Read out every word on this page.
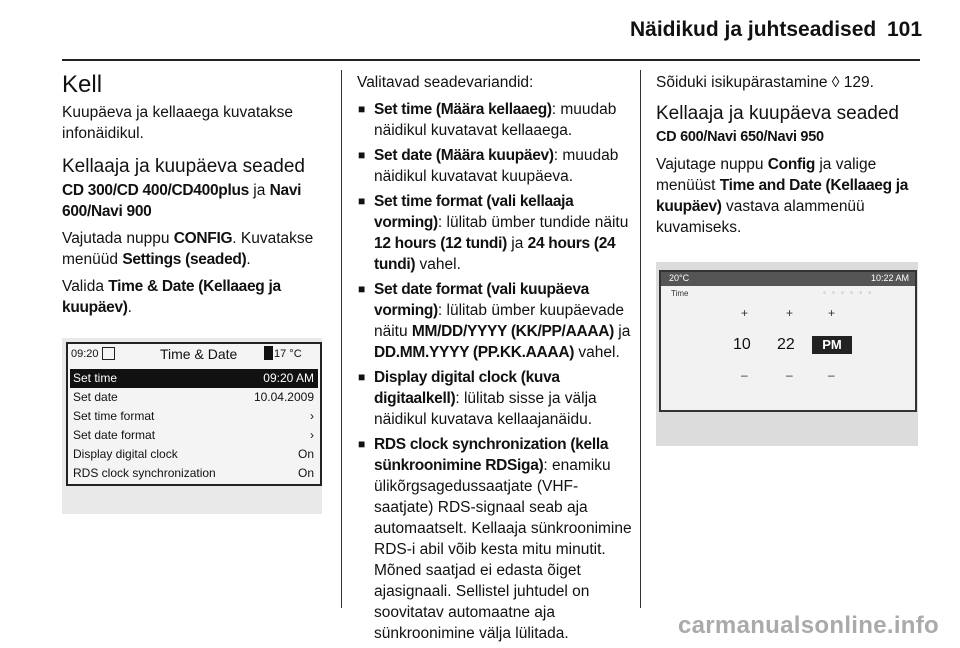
Näidikud ja juhtseadised 101
Kell

Kuupäeva ja kellaaega kuvatakse infonäidikul.

Kellaaja ja kuupäeva seaded

CD 300/CD 400/CD400plus ja Navi 600/Navi 900

Vajutada nuppu CONFIG. Kuvatakse menüüd Settings (seaded).

Valida Time & Date (Kellaaeg ja kuupäev).

09:20	Time & Date	17 °C
Set time	09:20 AM
Set date	10.04.2009
Set time format	›
Set date format	›
Display digital clock	On
RDS clock synchronization	On

Valitavad seadevariandid:

■ Set time (Määra kellaaeg): muudab näidikul kuvatavat kellaaega.
■ Set date (Määra kuupäev): muudab näidikul kuvatavat kuupäeva.
■ Set time format (vali kellaaja vorming): lülitab ümber tundide näitu 12 hours (12 tundi) ja 24 hours (24 tundi) vahel.
■ Set date format (vali kuupäeva vorming): lülitab ümber kuupäevade näitu MM/DD/YYYY (KK/PP/AAAA) ja DD.MM.YYYY (PP.KK.AAAA) vahel.
■ Display digital clock (kuva digitaalkell): lülitab sisse ja välja näidikul kuvatava kellaajanäidu.
■ RDS clock synchronization (kella sünkroonimine RDSiga): enamiku ülikõrgsagedussaatjate (VHF-saatjate) RDS-signaal seab aja automaatselt. Kellaaja sünkroonimine RDS-i abil võib kesta mitu minutit. Mõned saatjad ei edasta õiget ajasignaali. Sellistel juhtudel on soovitatav automaatne aja sünkroonimine välja lülitada.

Sõiduki isikupärastamine ◊ 129.

Kellaaja ja kuupäeva seaded

CD 600/Navi 650/Navi 950

Vajutage nuppu Config ja valige menüüst Time and Date (Kellaaeg ja kuupäev) vastava alammenüü kuvamiseks.

20°C	10:22 AM
Time	◦ ◦ ◦ ◦ ◦ ◦
+	+	+
10 22	PM
–	–	–
carmanualsonline.info
